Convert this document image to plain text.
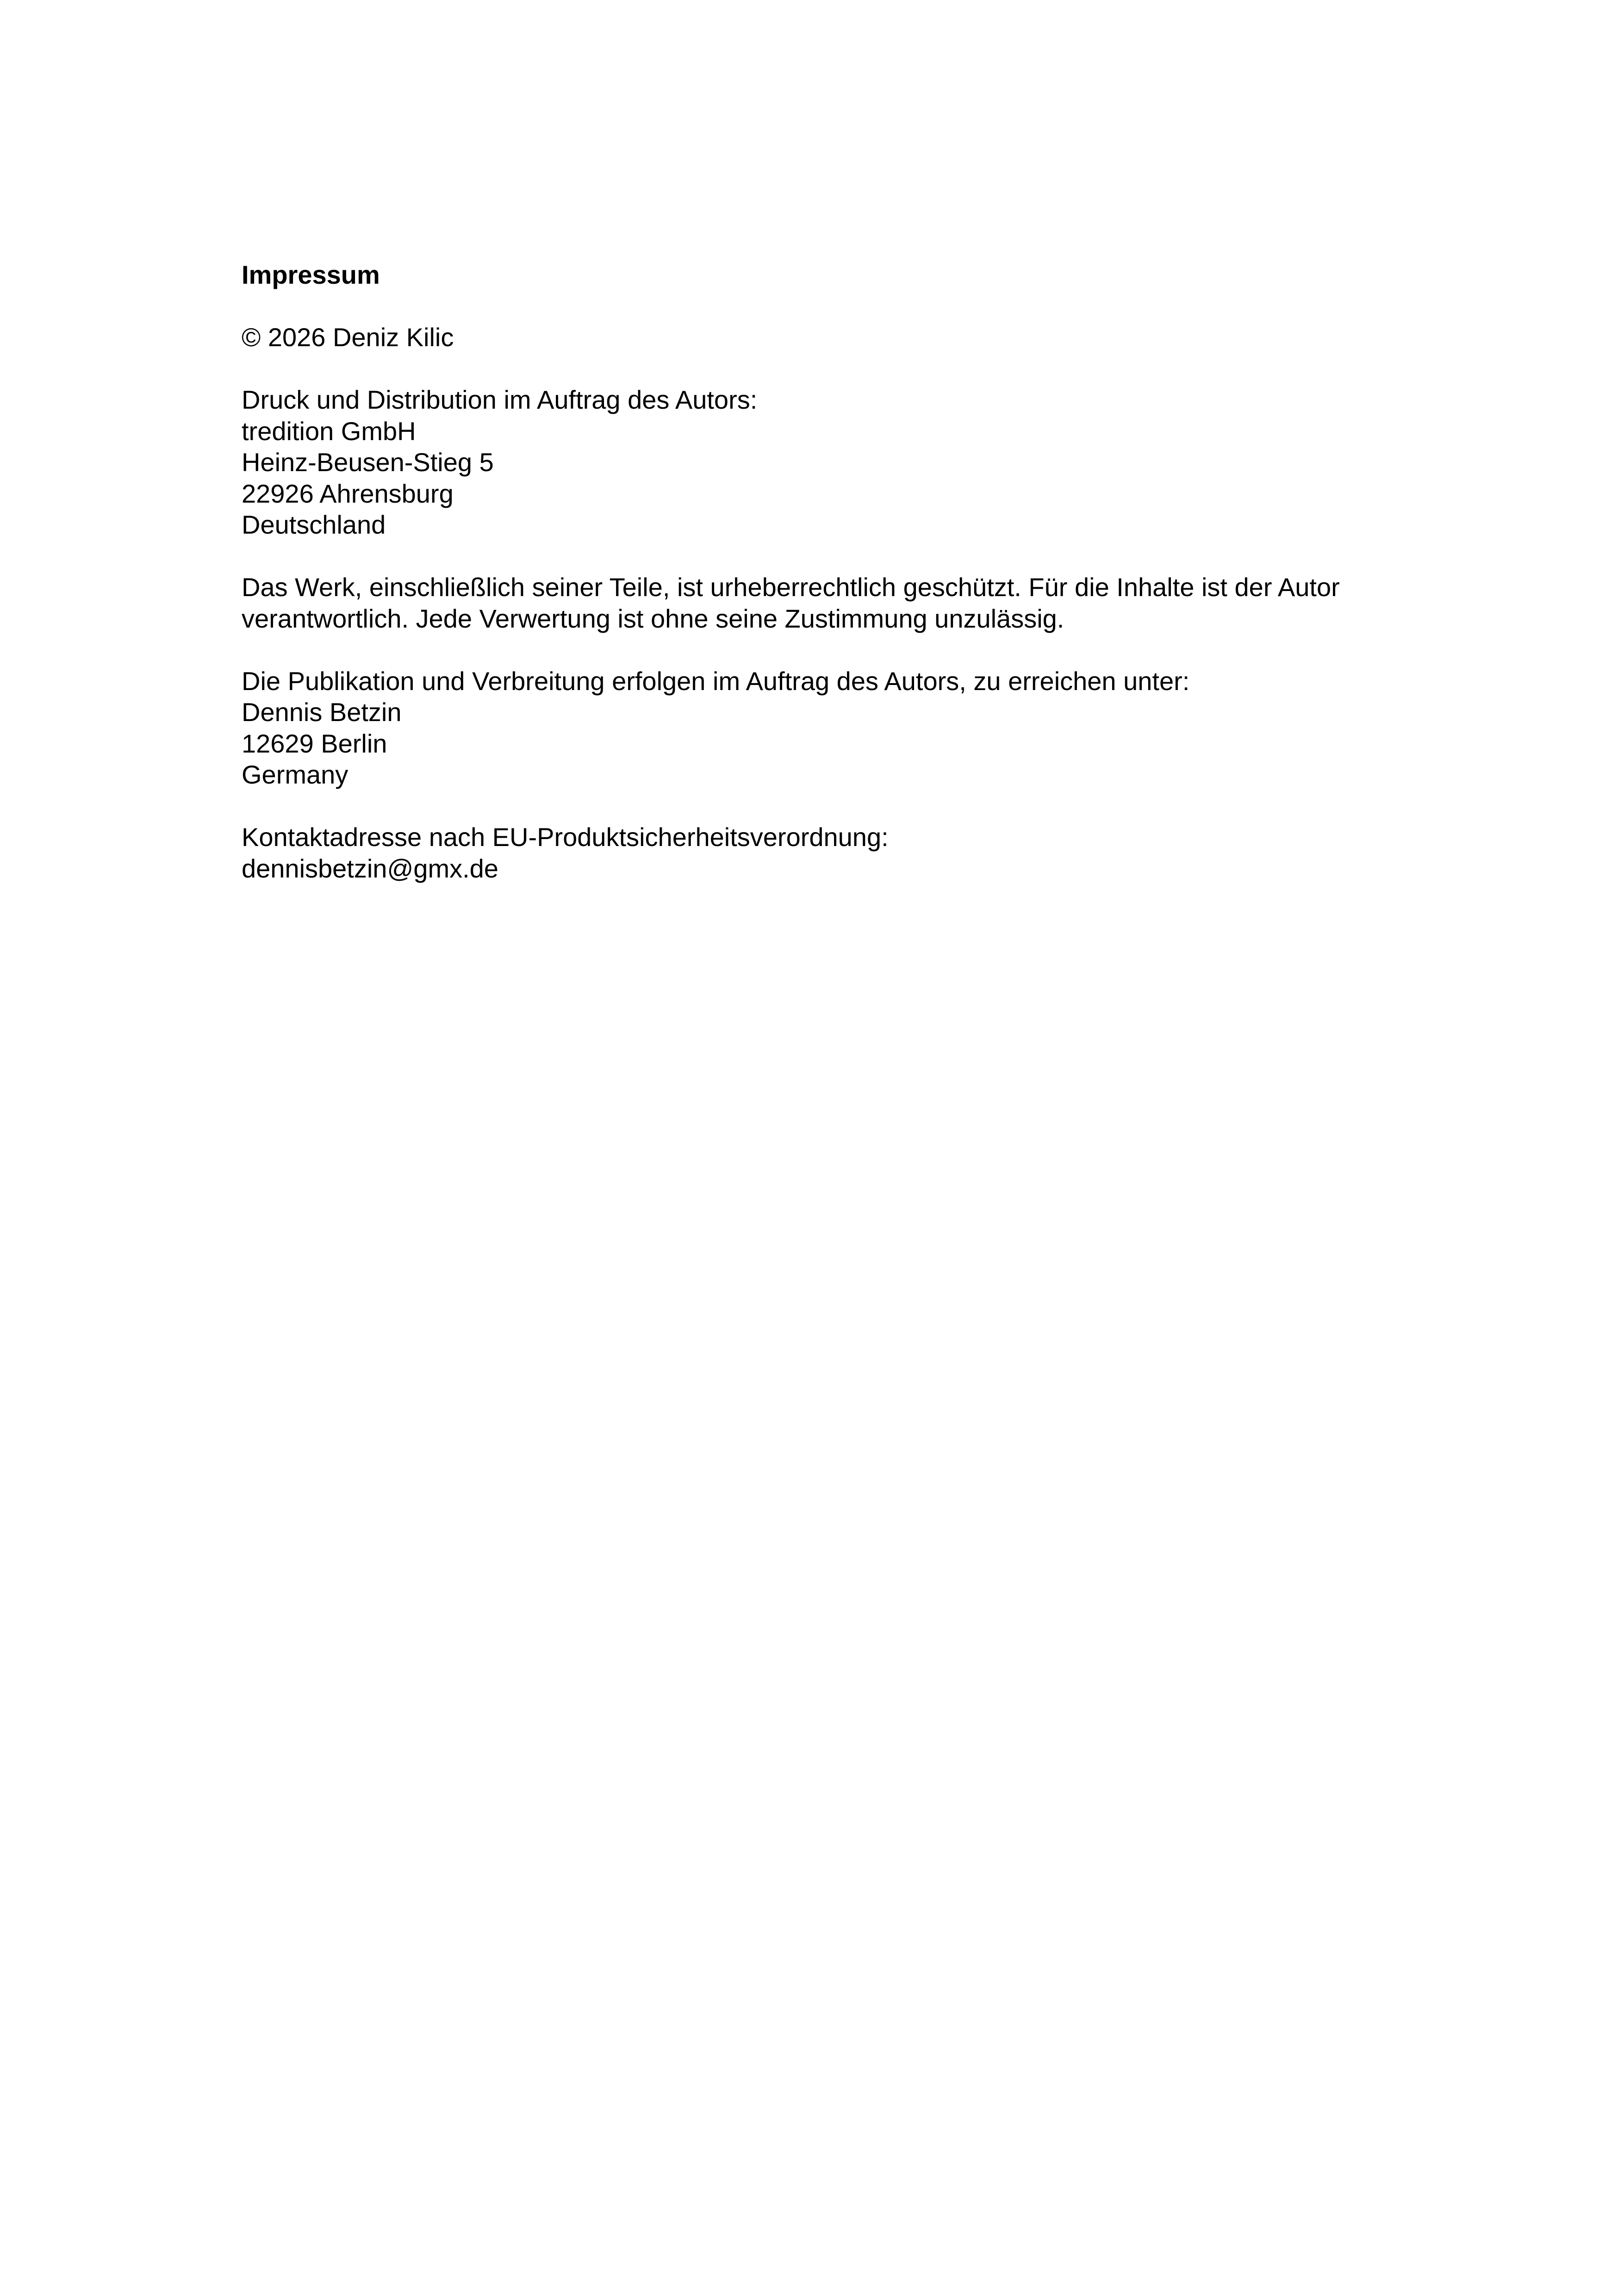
Impressum
© 2026 Deniz Kilic
Druck und Distribution im Auftrag des Autors:
tredition GmbH
Heinz-Beusen-Stieg 5
22926 Ahrensburg
Deutschland
Das Werk, einschließlich seiner Teile, ist urheberrechtlich geschützt. Für die Inhalte ist der Autor
verantwortlich. Jede Verwertung ist ohne seine Zustimmung unzulässig.
Die Publikation und Verbreitung erfolgen im Auftrag des Autors, zu erreichen unter:
Dennis Betzin
12629 Berlin
Germany
Kontaktadresse nach EU-Produktsicherheitsverordnung:
dennisbetzin@gmx.de
